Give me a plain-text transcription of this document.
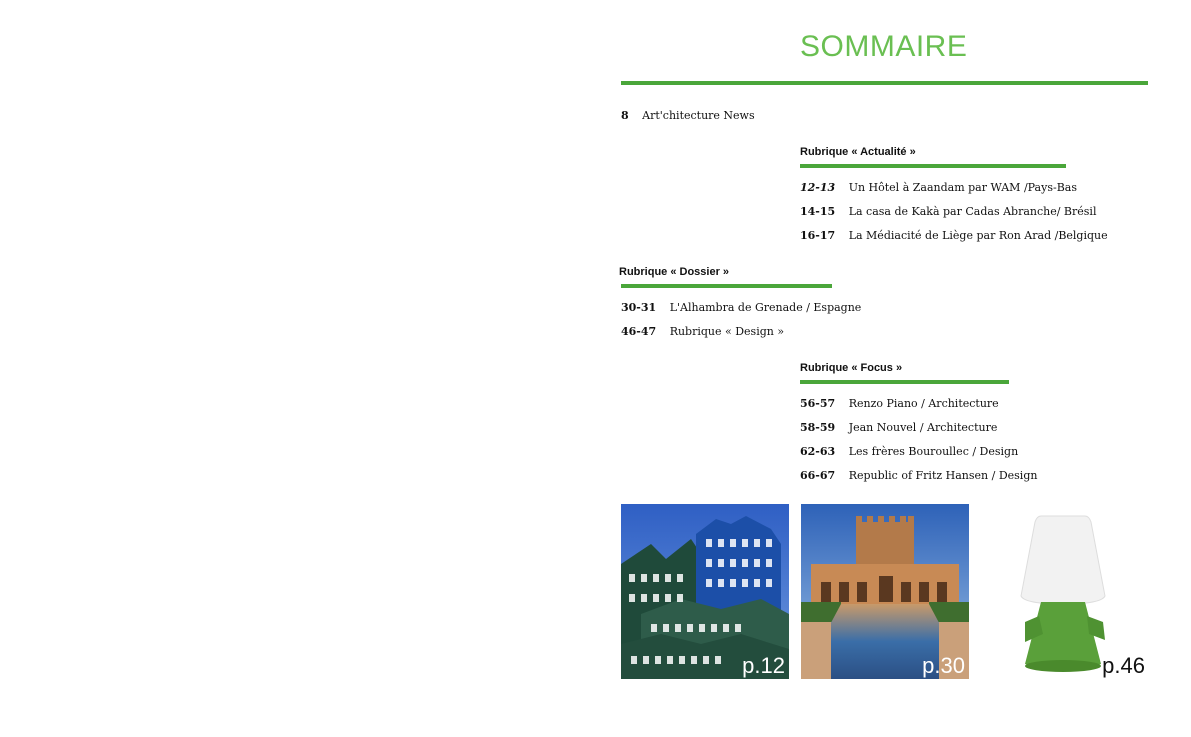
SOMMAIRE
8 Art'chitecture News
Rubrique « Actualité »
12-13 Un Hôtel à Zaandam par WAM /Pays-Bas
14-15 La casa de Kakà par Cadas Abranche/ Brésil
16-17 La Médiacité de Liège par Ron Arad /Belgique
Rubrique « Dossier »
30-31 L'Alhambra de Grenade / Espagne
46-47 Rubrique « Design »
Rubrique « Focus »
56-57 Renzo Piano / Architecture
58-59 Jean Nouvel / Architecture
62-63 Les frères Bouroullec / Design
66-67 Republic of Fritz Hansen / Design
p.12	p.30	p.46
